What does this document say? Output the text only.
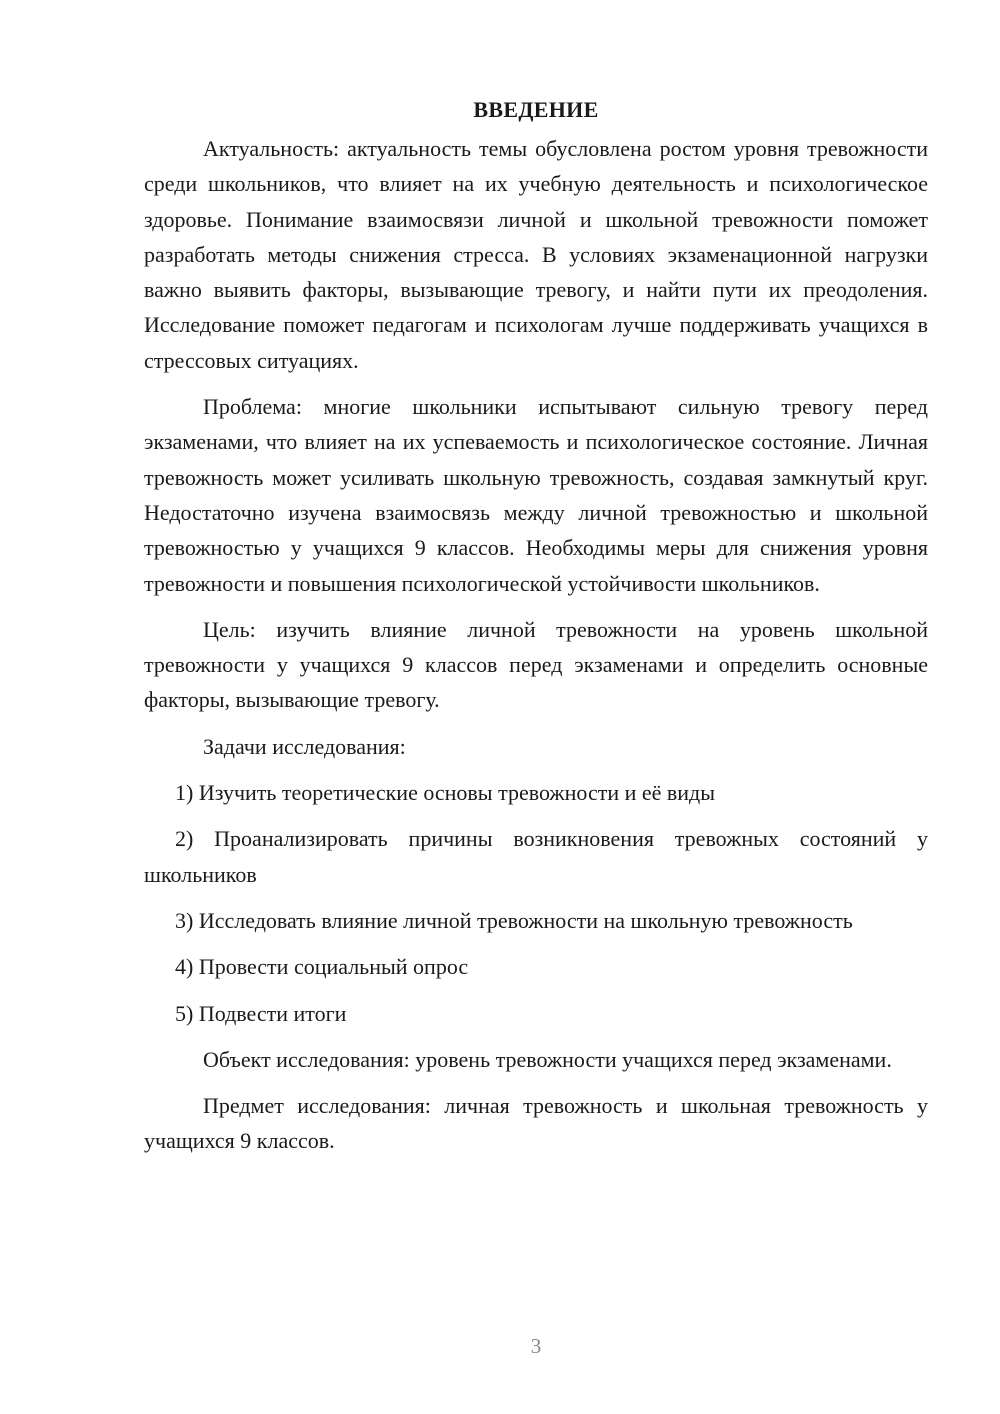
ВВЕДЕНИЕ

Актуальность: актуальность темы обусловлена ростом уровня тревожности среди школьников, что влияет на их учебную деятельность и психологическое здоровье. Понимание взаимосвязи личной и школьной тревожности поможет разработать методы снижения стресса. В условиях экзаменационной нагрузки важно выявить факторы, вызывающие тревогу, и найти пути их преодоления. Исследование поможет педагогам и психологам лучше поддерживать учащихся в стрессовых ситуациях.

Проблема: многие школьники испытывают сильную тревогу перед экзаменами, что влияет на их успеваемость и психологическое состояние. Личная тревожность может усиливать школьную тревожность, создавая замкнутый круг. Недостаточно изучена взаимосвязь между личной тревожностью и школьной тревожностью у учащихся 9 классов. Необходимы меры для снижения уровня тревожности и повышения психологической устойчивости школьников.

Цель: изучить влияние личной тревожности на уровень школьной тревожности у учащихся 9 классов перед экзаменами и определить основные факторы, вызывающие тревогу.

Задачи исследования:

1) Изучить теоретические основы тревожности и её виды

2) Проанализировать причины возникновения тревожных состояний у школьников

3) Исследовать влияние личной тревожности на школьную тревожность

4) Провести социальный опрос

5) Подвести итоги

Объект исследования: уровень тревожности учащихся перед экзаменами.

Предмет исследования: личная тревожность и школьная тревожность у учащихся 9 классов.

3
